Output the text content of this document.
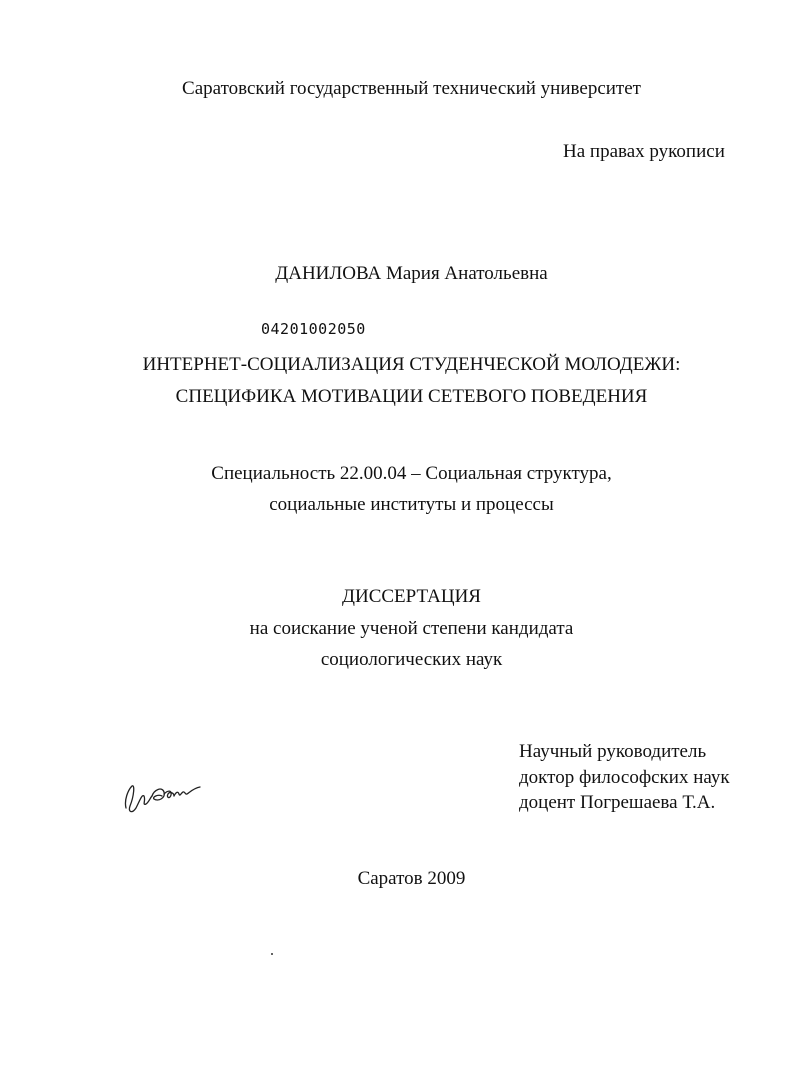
Саратовский государственный технический университет
На правах рукописи
ДАНИЛОВА Мария Анатольевна
04201002050
ИНТЕРНЕТ-СОЦИАЛИЗАЦИЯ СТУДЕНЧЕСКОЙ МОЛОДЕЖИ:
СПЕЦИФИКА МОТИВАЦИИ СЕТЕВОГО ПОВЕДЕНИЯ
Специальность 22.00.04 – Социальная структура,
социальные институты и процессы
ДИССЕРТАЦИЯ
на соискание ученой степени кандидата
социологических наук
Научный руководитель
доктор философских наук
доцент Погрешаева Т.А.
Саратов 2009
